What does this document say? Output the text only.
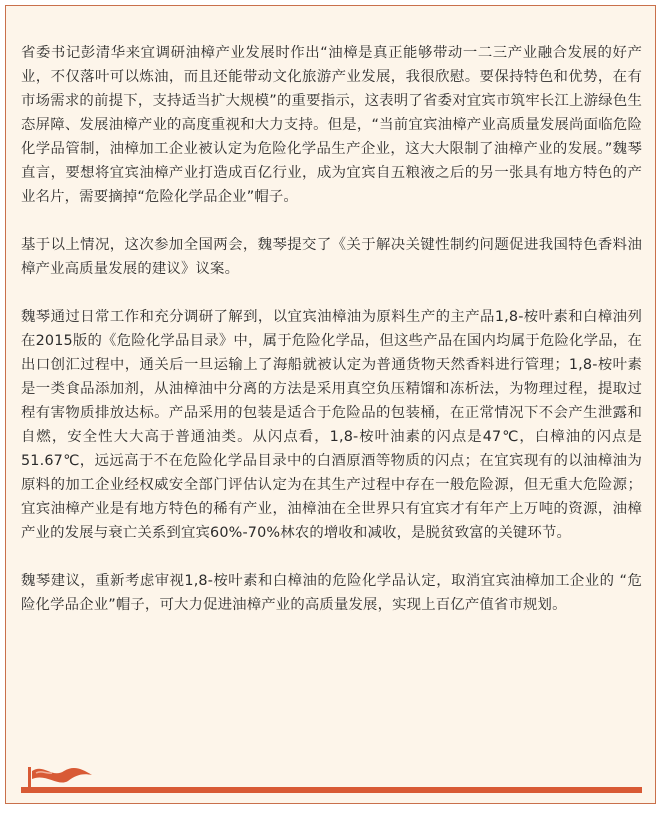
省委书记彭清华来宜调研油樟产业发展时作出“油樟是真正能够带动一二三产业融合发展的好产业，不仅落叶可以炼油，而且还能带动文化旅游产业发展，我很欣慰。要保持特色和优势，在有市场需求的前提下，支持适当扩大规模”的重要指示，这表明了省委对宜宾市筑牢长江上游绿色生态屏障、发展油樟产业的高度重视和大力支持。但是，“当前宜宾油樟产业高质量发展尚面临危险化学品管制，油樟加工企业被认定为危险化学品生产企业，这大大限制了油樟产业的发展。”魏琴直言，要想将宜宾油樟产业打造成百亿行业，成为宜宾自五粮液之后的另一张具有地方特色的产业名片，需要摘掉“危险化学品企业”帽子。

基于以上情况，这次参加全国两会，魏琴提交了《关于解决关键性制约问题促进我国特色香料油樟产业高质量发展的建议》议案。

魏琴通过日常工作和充分调研了解到，以宜宾油樟油为原料生产的主产品1,8-桉叶素和白樟油列在2015版的《危险化学品目录》中，属于危险化学品，但这些产品在国内均属于危险化学品，在出口创汇过程中，通关后一旦运输上了海船就被认定为普通货物天然香料进行管理；1,8-桉叶素是一类食品添加剂，从油樟油中分离的方法是采用真空负压精馏和冻析法，为物理过程，提取过程有害物质排放达标。产品采用的包装是适合于危险品的包装桶，在正常情况下不会产生泄露和自燃，安全性大大高于普通油类。从闪点看，1,8-桉叶油素的闪点是47℃，白樟油的闪点是51.67℃，远远高于不在危险化学品目录中的白酒原酒等物质的闪点；在宜宾现有的以油樟油为原料的加工企业经权威安全部门评估认定为在其生产过程中存在一般危险源，但无重大危险源；宜宾油樟产业是有地方特色的稀有产业，油樟油在全世界只有宜宾才有年产上万吨的资源，油樟产业的发展与衰亡关系到宜宾60%-70%林农的增收和减收，是脱贫致富的关键环节。

魏琴建议，重新考虑审视1,8-桉叶素和白樟油的危险化学品认定，取消宜宾油樟加工企业的 “危险化学品企业”帽子，可大力促进油樟产业的高质量发展，实现上百亿产值省市规划。
